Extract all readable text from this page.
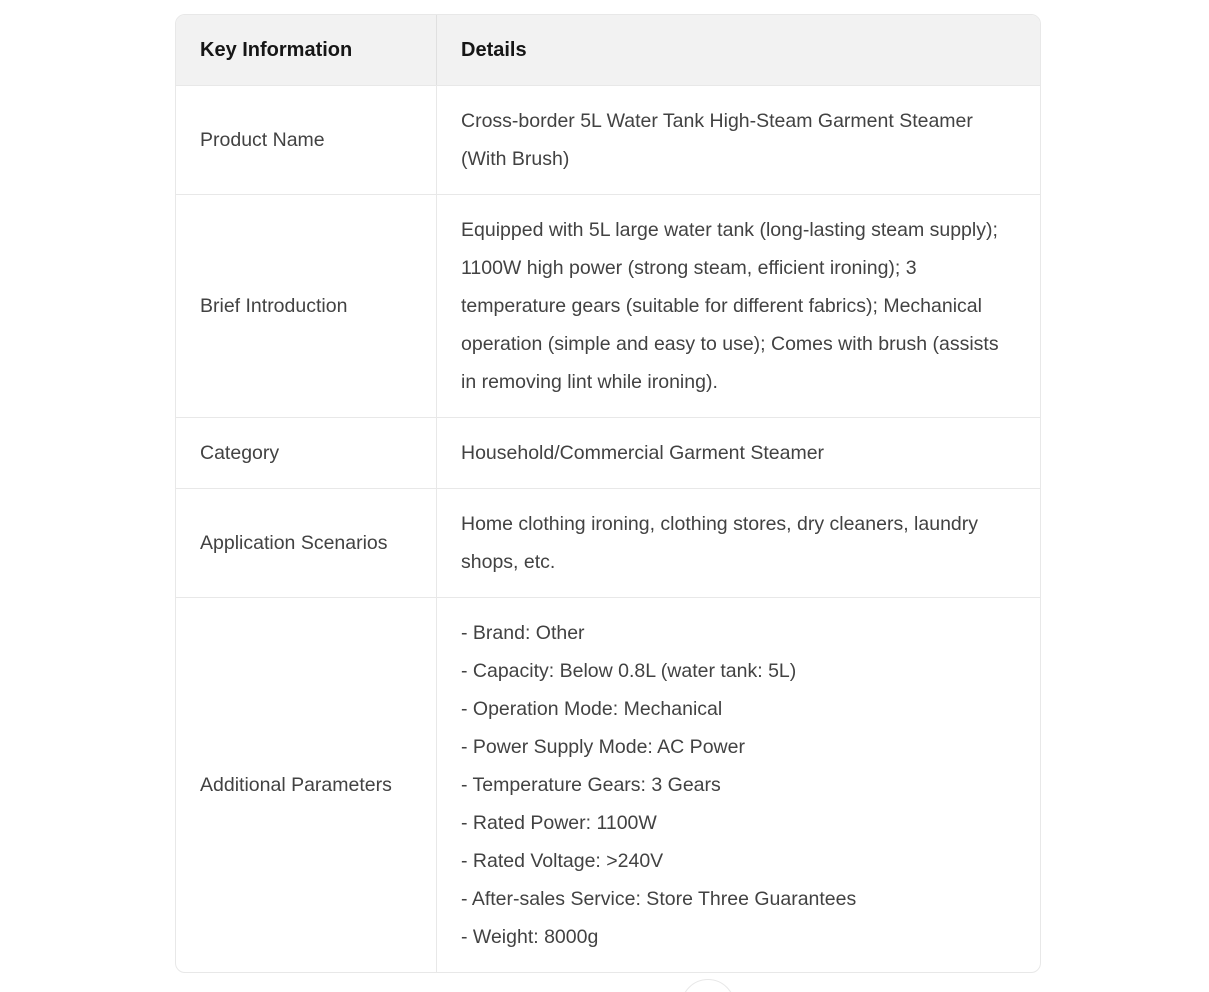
Key Information	Details
Product Name
Cross-border 5L Water Tank High-Steam Garment Steamer (With Brush)
Brief Introduction
Equipped with 5L large water tank (long-lasting steam supply); 1100W high power (strong steam, efficient ironing); 3 temperature gears (suitable for different fabrics); Mechanical operation (simple and easy to use); Comes with brush (assists in removing lint while ironing).
Category	Household/Commercial Garment Steamer
Application Scenarios
Home clothing ironing, clothing stores, dry cleaners, laundry shops, etc.
Additional Parameters
- Brand: Other
- Capacity: Below 0.8L (water tank: 5L)
- Operation Mode: Mechanical
- Power Supply Mode: AC Power
- Temperature Gears: 3 Gears
- Rated Power: 1100W
- Rated Voltage: >240V
- After-sales Service: Store Three Guarantees
- Weight: 8000g
